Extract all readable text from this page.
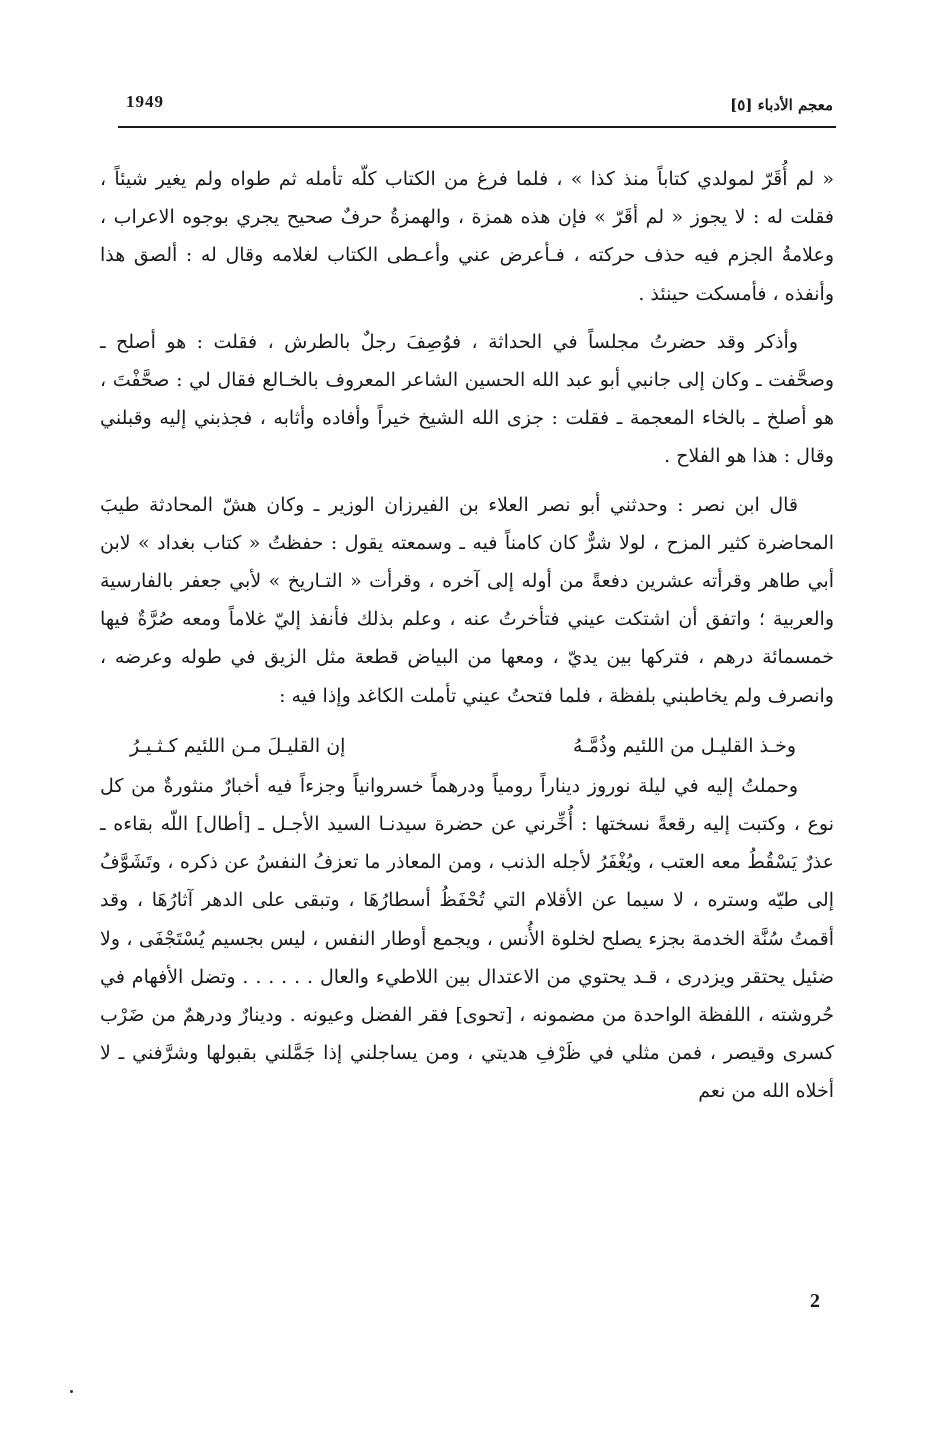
1949	معجم الأدباء [٥]

« لم أُقَرّ لمولدي كتاباً منذ كذا » ، فلما فرغ من الكتاب كلّه تأمله ثم طواه ولم يغير شيئاً ، فقلت له : لا يجوز « لم أقَرّ » فإن هذه همزة ، والهمزةُ حرفٌ صحيح يجري بوجوه الاعراب ، وعلامةُ الجزم فيه حذف حركته ، فـأعرض عني وأعـطى الكتاب لغلامه وقال له : ألصق هذا وأنفذه ، فأمسكت حينئذ .

وأذكر وقد حضرتُ مجلساً في الحداثة ، فوُصِفَ رجلٌ بالطرش ، فقلت : هو أصلح ـ وصحَّفت ـ وكان إلى جانبي أبو عبد الله الحسين الشاعر المعروف بالخـالع فقال لي : صحَّفْتَ ، هو أصلخ ـ بالخاء المعجمة ـ فقلت : جزى الله الشيخ خيراً وأفاده وأثابه ، فجذبني إليه وقبلني وقال : هذا هو الفلاح .

قال ابن نصر : وحدثني أبو نصر العلاء بن الفيرزان الوزير ـ وكان هشّ المحادثة طيبَ المحاضرة كثير المزح ، لولا شرٌّ كان كامناً فيه ـ وسمعته يقول : حفظتُ « كتاب بغداد » لابن أبي طاهر وقرأته عشرين دفعةً من أوله إلى آخره ، وقرأت « التـاريخ » لأبي جعفر بالفارسية والعربية ؛ واتفق أن اشتكت عيني فتأخرتُ عنه ، وعلم بذلك فأنفذ إليّ غلاماً ومعه صُرَّةٌ فيها خمسمائة درهم ، فتركها بين يديّ ، ومعها من البياض قطعة مثل الزيق في طوله وعرضه ، وانصرف ولم يخاطبني بلفظة ، فلما فتحتُ عيني تأملت الكاغد وإذا فيه :

وخـذ القليـل من اللئيم وذُمَّـهُ
إن القليـلَ مـن اللئيم كـثـيـرُ

وحملتُ إليه في ليلة نوروز ديناراً رومياً ودرهماً خسروانياً وجزءاً فيه أخبارٌ منثورةٌ من كل نوع ، وكتبت إليه رقعةً نسختها : أُخِّرني عن حضرة سيدنـا السيد الأجـل ـ [أطال] اللّه بقاءه ـ عذرٌ يَسْقُطُ معه العتب ، ويُغْفَرُ لأجله الذنب ، ومن المعاذر ما تعزفُ النفسُ عن ذكره ، وتَشَوَّفُ إلى طيّه وستره ، لا سيما عن الأقلام التي تُحْفَظُ أسطارُهَا ، وتبقى على الدهر آثارُهَا ، وقد أقمتُ سُنَّة الخدمة بجزء يصلح لخلوة الأُنس ، ويجمع أوطار النفس ، ليس بجسيم يُسْتَجْفَى ، ولا ضئيل يحتقر ويزدرى ، قـد يحتوي من الاعتدال بين اللاطيء والعال . . . . . . وتضل الأفهام في حُروشته ، اللفظة الواحدة من مضمونه ، [تحوى] فقر الفضل وعيونه . ودينارٌ ودرهمٌ من ضَرْب كسرى وقيصر ، فمن مثلي في ظَرْفِ هديتي ، ومن يساجلني إذا جَمَّلني بقبولها وشرَّفني ـ لا أخلاه الله من نعم

2
